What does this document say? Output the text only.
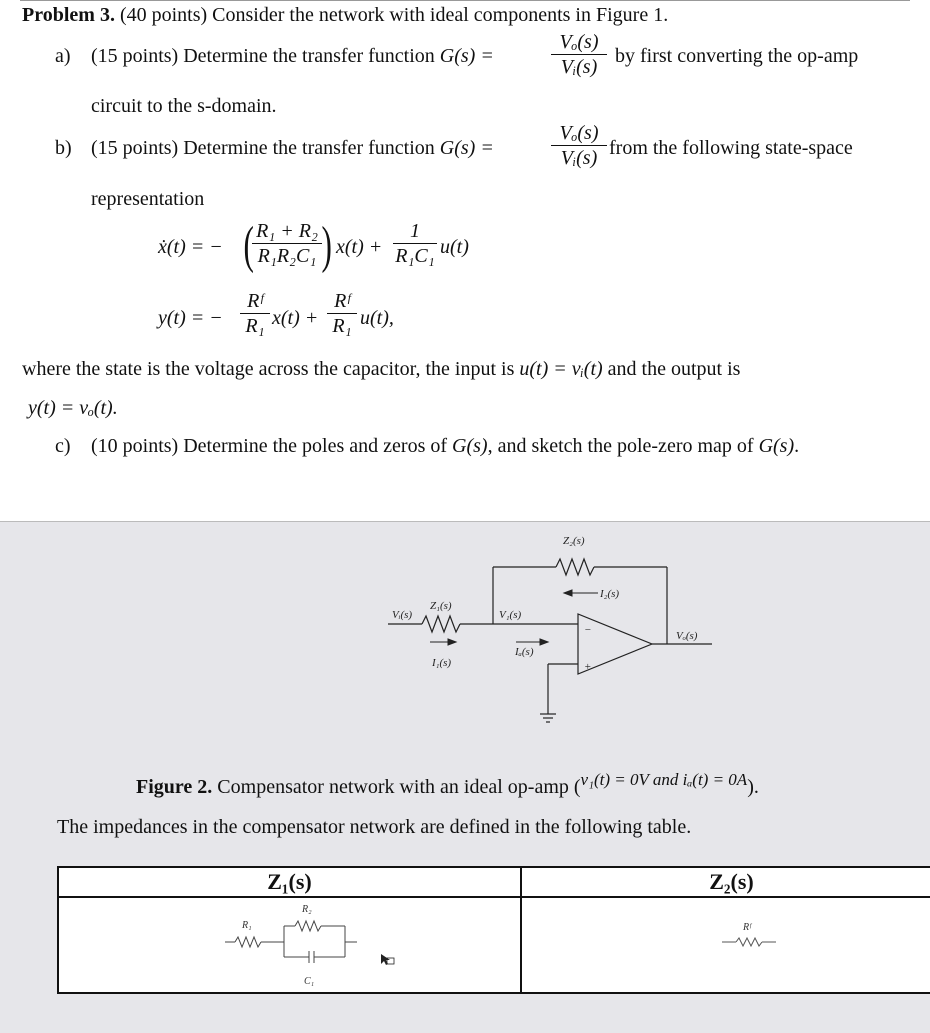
Problem 3. (40 points) Consider the network with ideal components in Figure 1.
a) (15 points) Determine the transfer function G(s) =
Vₒ(s)
Vᵢ(s) by first converting the op-amp
circuit to the s-domain.
b) (15 points) Determine the transfer function G(s) =
Vₒ(s)
Vᵢ(s) from the following state-space
representation
ẋ(t) = − ( R₁ + R₂
R₁R₂C₁ ) x(t) +
1
R₁C₁ u(t)
y(t) = −
Rᶠ
R₁ x(t) +
Rᶠ
R₁ u(t),
where the state is the voltage across the capacitor, the input is u(t) = vᵢ(t) and the output is
y(t) = vₒ(t).
c) (10 points) Determine the poles and zeros of G(s), and sketch the pole-zero map of G(s).
Z₂(s)
I₂(s)
Z₁(s)
Vᵢ(s)
I₁(s)
V₁(s)
Iₐ(s)
Vₒ(s)
−
+
Figure 2. Compensator network with an ideal op-amp ($^{v_1(t) = 0V and i_a(t) = 0A}$).
The impedances in the compensator network are defined in the following table.
Z₁(s)	Z₂(s)

R₁
R₂
C₁	Rᶠ
